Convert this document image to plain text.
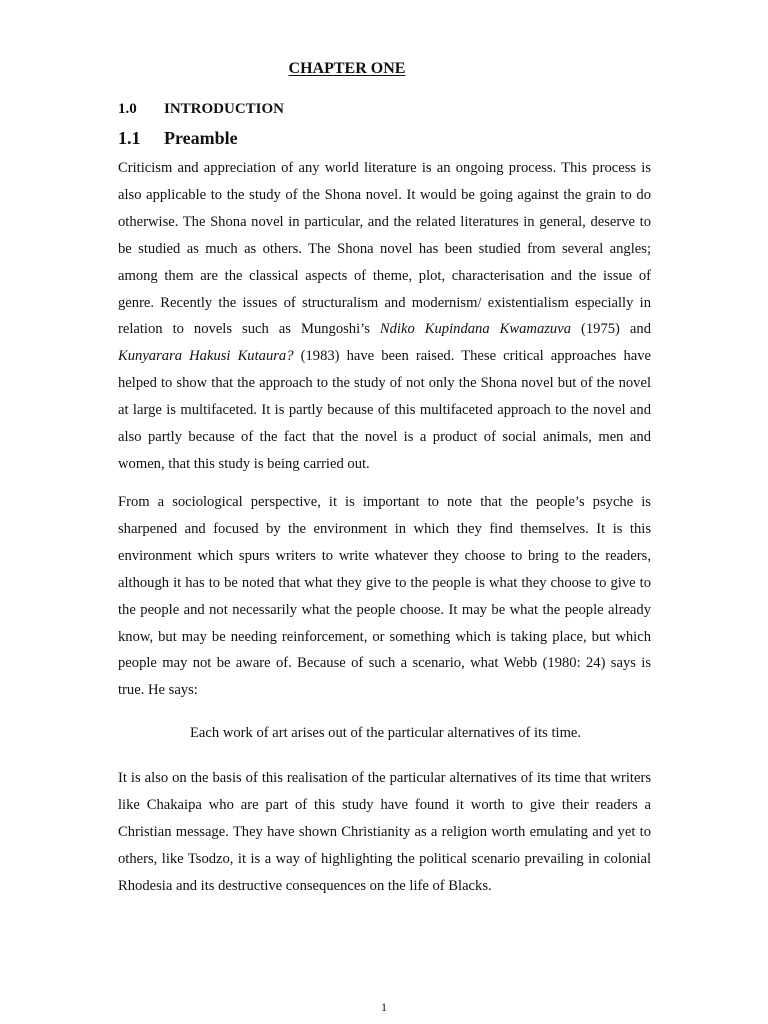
CHAPTER ONE
1.0 INTRODUCTION
1.1 Preamble

Criticism and appreciation of any world literature is an ongoing process. This process is also applicable to the study of the Shona novel. It would be going against the grain to do otherwise. The Shona novel in particular, and the related literatures in general, deserve to be studied as much as others. The Shona novel has been studied from several angles; among them are the classical aspects of theme, plot, characterisation and the issue of genre. Recently the issues of structuralism and modernism/ existentialism especially in relation to novels such as Mungoshi’s Ndiko Kupindana Kwamazuva (1975) and Kunyarara Hakusi Kutaura? (1983) have been raised. These critical approaches have helped to show that the approach to the study of not only the Shona novel but of the novel at large is multifaceted. It is partly because of this multifaceted approach to the novel and also partly because of the fact that the novel is a product of social animals, men and women, that this study is being carried out.

From a sociological perspective, it is important to note that the people’s psyche is sharpened and focused by the environment in which they find themselves. It is this environment which spurs writers to write whatever they choose to bring to the readers, although it has to be noted that what they give to the people is what they choose to give to the people and not necessarily what the people choose. It may be what the people already know, but may be needing reinforcement, or something which is taking place, but which people may not be aware of. Because of such a scenario, what Webb (1980: 24) says is true. He says:

Each work of art arises out of the particular alternatives of its time.

It is also on the basis of this realisation of the particular alternatives of its time that writers like Chakaipa who are part of this study have found it worth to give their readers a Christian message. They have shown Christianity as a religion worth emulating and yet to others, like Tsodzo, it is a way of highlighting the political scenario prevailing in colonial Rhodesia and its destructive consequences on the life of Blacks.

1
